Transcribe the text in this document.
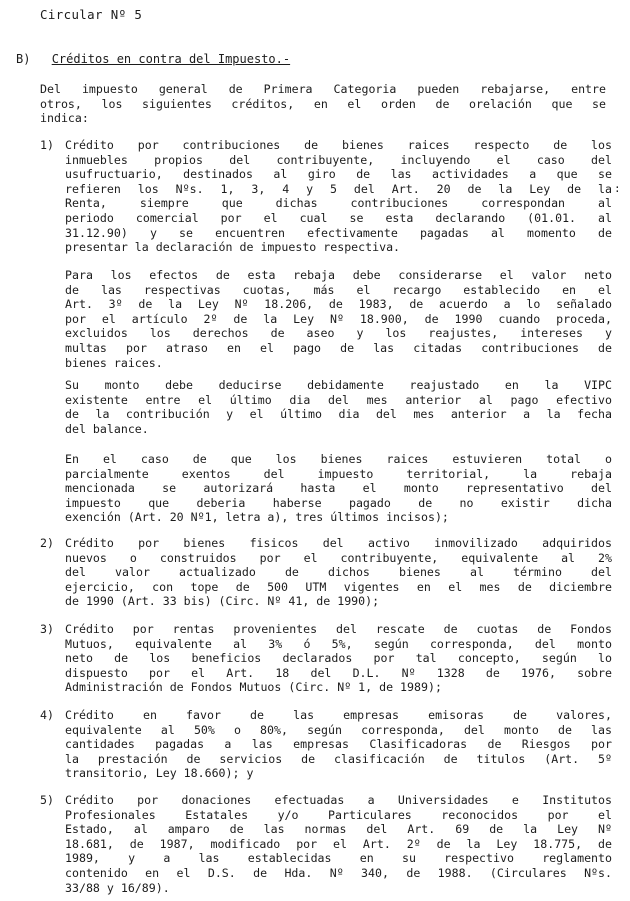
Circular Nº 5
B) Créditos en contra del Impuesto.-
Del impuesto general de Primera Categoria pueden rebajarse, entre
otros, los siguientes créditos, en el orden de orelación que se
indica:
1) Crédito por contribuciones de bienes raices respecto de los
inmuebles propios del contribuyente, incluyendo el caso del
usufructuario, destinados al giro de las actividades a que se
refieren los Nºs. 1, 3, 4 y 5 del Art. 20 de la Ley de la
Renta, siempre que dichas contribuciones correspondan al
periodo comercial por el cual se esta declarando (01.01. al
31.12.90) y se encuentren efectivamente pagadas al momento de
presentar la declaración de impuesto respectiva.
Para los efectos de esta rebaja debe considerarse el valor neto
de las respectivas cuotas, más el recargo establecido en el
Art. 3º de la Ley Nº 18.206, de 1983, de acuerdo a lo señalado
por el artículo 2º de la Ley Nº 18.900, de 1990 cuando proceda,
excluidos los derechos de aseo y los reajustes, intereses y
multas por atraso en el pago de las citadas contribuciones de
bienes raices.
Su monto debe deducirse debidamente reajustado en la VIPC
existente entre el último dia del mes anterior al pago efectivo
de la contribución y el último dia del mes anterior a la fecha
del balance.
En el caso de que los bienes raices estuvieren total o
parcialmente exentos del impuesto territorial, la rebaja
mencionada se autorizará hasta el monto representativo del
impuesto que deberia haberse pagado de no existir dicha
exención (Art. 20 Nº1, letra a), tres últimos incisos);
2) Crédito por bienes fisicos del activo inmovilizado adquiridos
nuevos o construidos por el contribuyente, equivalente al 2%
del valor actualizado de dichos bienes al término del
ejercicio, con tope de 500 UTM vigentes en el mes de diciembre
de 1990 (Art. 33 bis) (Circ. Nº 41, de 1990);
3) Crédito por rentas provenientes del rescate de cuotas de Fondos
Mutuos, equivalente al 3% ó 5%, según corresponda, del monto
neto de los beneficios declarados por tal concepto, según lo
dispuesto por el Art. 18 del D.L. Nº 1328 de 1976, sobre
Administración de Fondos Mutuos (Circ. Nº 1, de 1989);
4) Crédito en favor de las empresas emisoras de valores,
equivalente al 50% o 80%, según corresponda, del monto de las
cantidades pagadas a las empresas Clasificadoras de Riesgos por
la prestación de servicios de clasificación de titulos (Art. 5º
transitorio, Ley 18.660); y
5) Crédito por donaciones efectuadas a Universidades e Institutos
Profesionales Estatales y/o Particulares reconocidos por el
Estado, al amparo de las normas del Art. 69 de la Ley Nº
18.681, de 1987, modificado por el Art. 2º de la Ley 18.775, de
1989, y a las establecidas en su respectivo reglamento
contenido en el D.S. de Hda. Nº 340, de 1988. (Circulares Nºs.
33/88 y 16/89).
:
